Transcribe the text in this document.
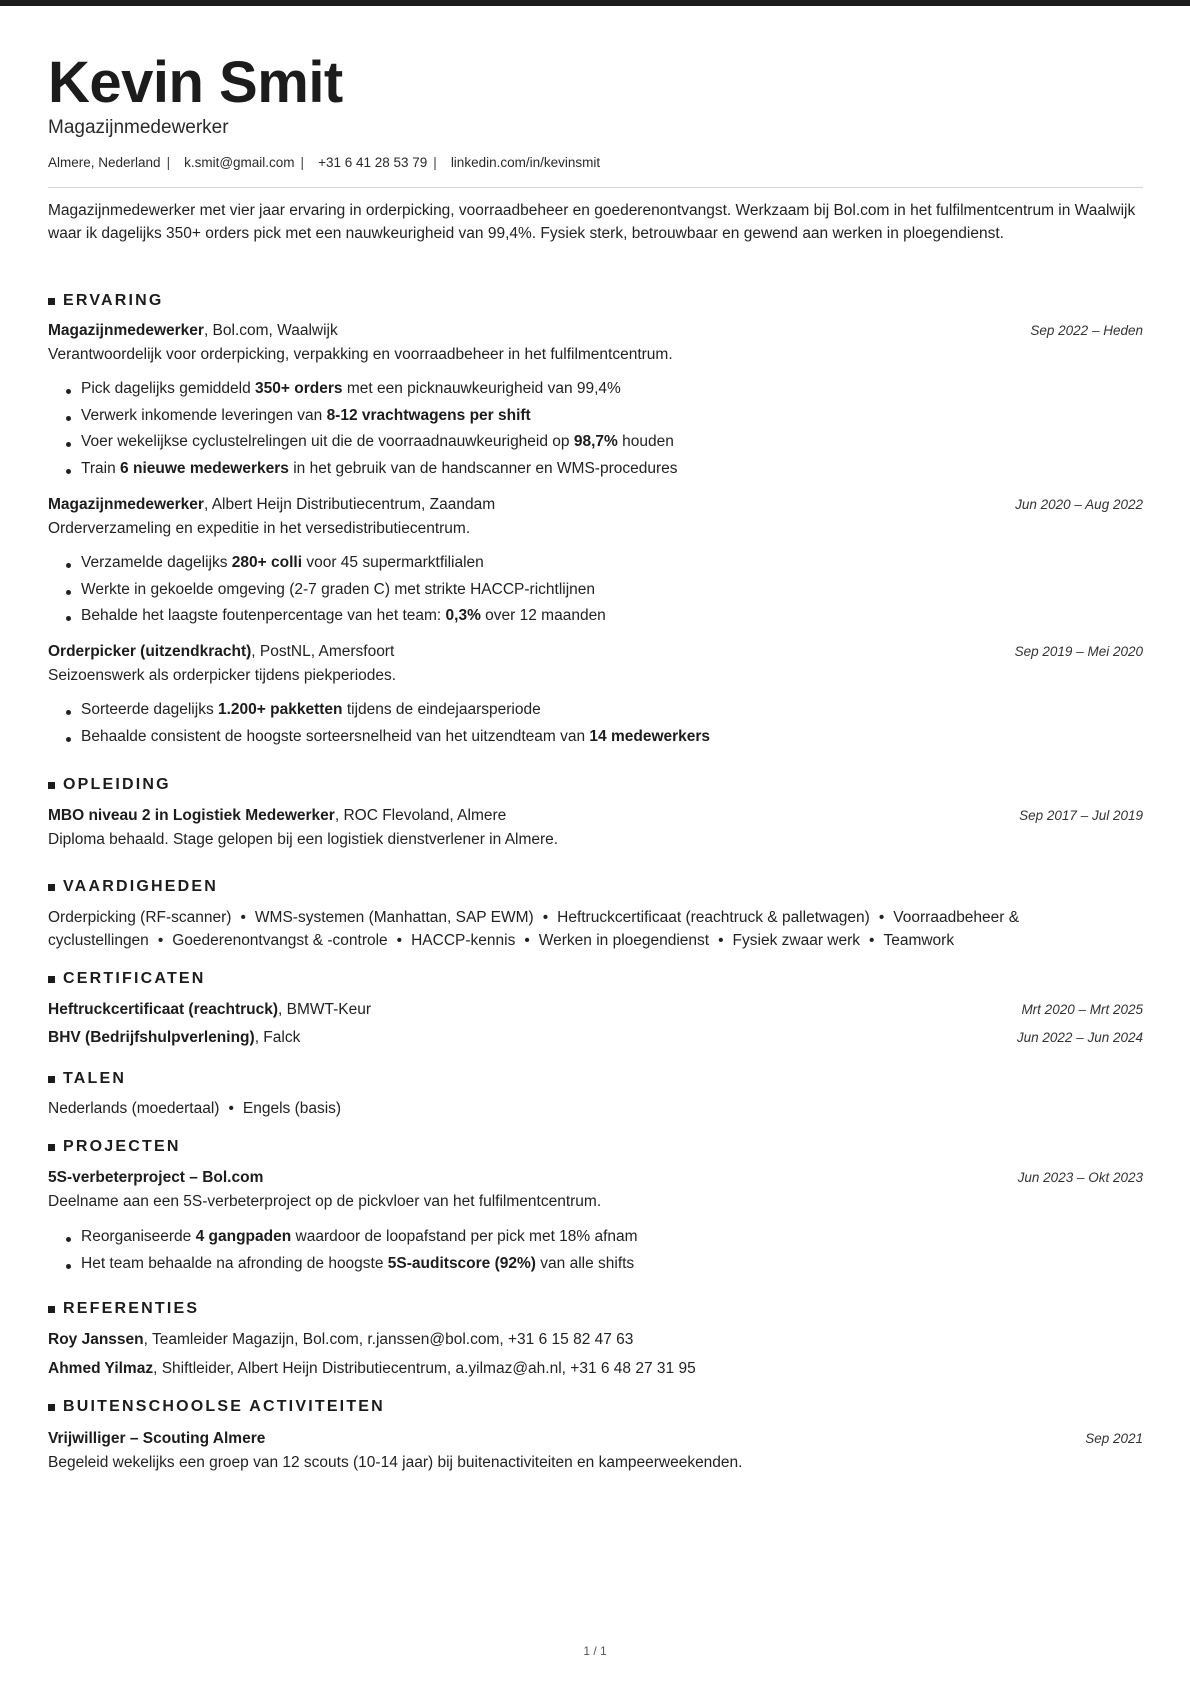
Kevin Smit
Magazijnmedewerker
Almere, Nederland | k.smit@gmail.com | +31 6 41 28 53 79 | linkedin.com/in/kevinsmit
Magazijnmedewerker met vier jaar ervaring in orderpicking, voorraadbeheer en goederenontvangst. Werkzaam bij Bol.com in het fulfilmentcentrum in Waalwijk waar ik dagelijks 350+ orders pick met een nauwkeurigheid van 99,4%. Fysiek sterk, betrouwbaar en gewend aan werken in ploegendienst.
ERVARING
Magazijnmedewerker, Bol.com, Waalwijk	Sep 2022 – Heden
Verantwoordelijk voor orderpicking, verpakking en voorraadbeheer in het fulfilmentcentrum.
Pick dagelijks gemiddeld 350+ orders met een picknauwkeurigheid van 99,4%
Verwerk inkomende leveringen van 8-12 vrachtwagens per shift
Voer wekelijkse cyclustelrelingen uit die de voorraadnauwkeurigheid op 98,7% houden
Train 6 nieuwe medewerkers in het gebruik van de handscanner en WMS-procedures
Magazijnmedewerker, Albert Heijn Distributiecentrum, Zaandam	Jun 2020 – Aug 2022
Orderverzameling en expeditie in het versedistributiecentrum.
Verzamelde dagelijks 280+ colli voor 45 supermarktfilialen
Werkte in gekoelde omgeving (2-7 graden C) met strikte HACCP-richtlijnen
Behalde het laagste foutenpercentage van het team: 0,3% over 12 maanden
Orderpicker (uitzendkracht), PostNL, Amersfoort	Sep 2019 – Mei 2020
Seizoenswerk als orderpicker tijdens piekperiodes.
Sorteerde dagelijks 1.200+ pakketten tijdens de eindejaarsperiode
Behaalde consistent de hoogste sorteersnelheid van het uitzendteam van 14 medewerkers
OPLEIDING
MBO niveau 2 in Logistiek Medewerker, ROC Flevoland, Almere	Sep 2017 – Jul 2019
Diploma behaald. Stage gelopen bij een logistiek dienstverlener in Almere.
VAARDIGHEDEN
Orderpicking (RF-scanner) • WMS-systemen (Manhattan, SAP EWM) • Heftruckcertificaat (reachtruck & palletwagen) • Voorraadbeheer & cyclustellingen • Goederenontvangst & -controle • HACCP-kennis • Werken in ploegendienst • Fysiek zwaar werk • Teamwork
CERTIFICATEN
Heftruckcertificaat (reachtruck), BMWT-Keur	Mrt 2020 – Mrt 2025
BHV (Bedrijfshulpverlening), Falck	Jun 2022 – Jun 2024
TALEN
Nederlands (moedertaal) • Engels (basis)
PROJECTEN
5S-verbeterproject – Bol.com	Jun 2023 – Okt 2023
Deelname aan een 5S-verbeterproject op de pickvloer van het fulfilmentcentrum.
Reorganiseerde 4 gangpaden waardoor de loopafstand per pick met 18% afnam
Het team behaalde na afronding de hoogste 5S-auditscore (92%) van alle shifts
REFERENTIES
Roy Janssen, Teamleider Magazijn, Bol.com, r.janssen@bol.com, +31 6 15 82 47 63
Ahmed Yilmaz, Shiftleider, Albert Heijn Distributiecentrum, a.yilmaz@ah.nl, +31 6 48 27 31 95
BUITENSCHOOLSE ACTIVITEITEN
Vrijwilliger – Scouting Almere	Sep 2021
Begeleid wekelijks een groep van 12 scouts (10-14 jaar) bij buitenactiviteiten en kampeerweekenden.
1 / 1
